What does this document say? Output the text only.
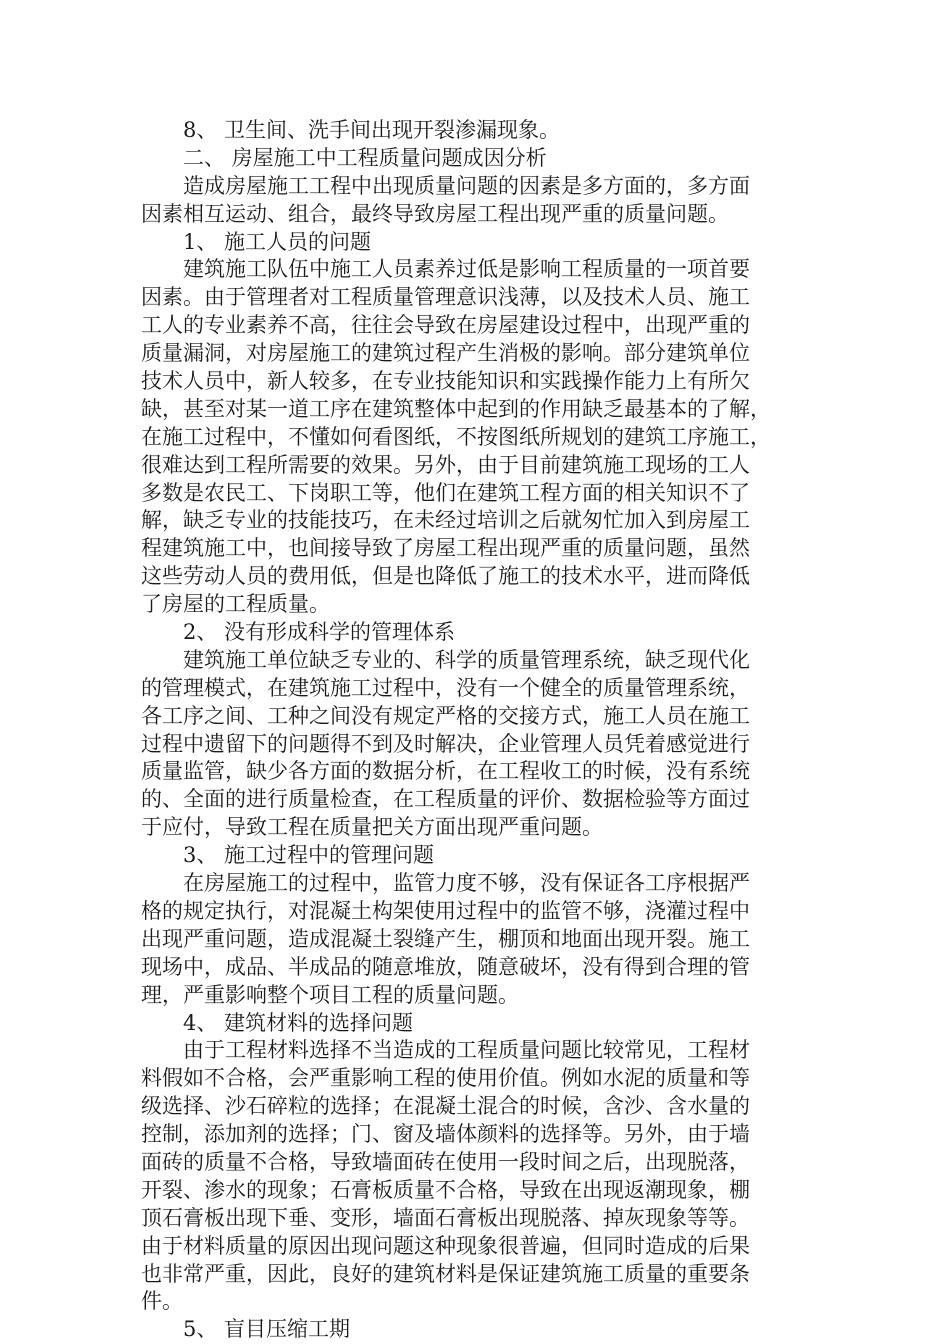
8、 卫生间、洗手间出现开裂渗漏现象。
二、 房屋施工中工程质量问题成因分析
造成房屋施工工程中出现质量问题的因素是多方面的，多方面
因素相互运动、组合，最终导致房屋工程出现严重的质量问题。
1、 施工人员的问题
建筑施工队伍中施工人员素养过低是影响工程质量的一项首要
因素。由于管理者对工程质量管理意识浅薄，以及技术人员、施工
工人的专业素养不高，往往会导致在房屋建设过程中，出现严重的
质量漏洞，对房屋施工的建筑过程产生消极的影响。部分建筑单位
技术人员中，新人较多，在专业技能知识和实践操作能力上有所欠
缺，甚至对某一道工序在建筑整体中起到的作用缺乏最基本的了解，
在施工过程中，不懂如何看图纸，不按图纸所规划的建筑工序施工，
很难达到工程所需要的效果。另外，由于目前建筑施工现场的工人
多数是农民工、下岗职工等，他们在建筑工程方面的相关知识不了
解，缺乏专业的技能技巧，在未经过培训之后就匆忙加入到房屋工
程建筑施工中，也间接导致了房屋工程出现严重的质量问题，虽然
这些劳动人员的费用低，但是也降低了施工的技术水平，进而降低
了房屋的工程质量。
2、 没有形成科学的管理体系
建筑施工单位缺乏专业的、科学的质量管理系统，缺乏现代化
的管理模式，在建筑施工过程中，没有一个健全的质量管理系统，
各工序之间、工种之间没有规定严格的交接方式，施工人员在施工
过程中遗留下的问题得不到及时解决，企业管理人员凭着感觉进行
质量监管，缺少各方面的数据分析，在工程收工的时候，没有系统
的、全面的进行质量检查，在工程质量的评价、数据检验等方面过
于应付，导致工程在质量把关方面出现严重问题。
3、 施工过程中的管理问题
在房屋施工的过程中，监管力度不够，没有保证各工序根据严
格的规定执行，对混凝土构架使用过程中的监管不够，浇灌过程中
出现严重问题，造成混凝土裂缝产生，棚顶和地面出现开裂。施工
现场中，成品、半成品的随意堆放，随意破坏，没有得到合理的管
理，严重影响整个项目工程的质量问题。
4、 建筑材料的选择问题
由于工程材料选择不当造成的工程质量问题比较常见，工程材
料假如不合格，会严重影响工程的使用价值。例如水泥的质量和等
级选择、沙石碎粒的选择；在混凝土混合的时候，含沙、含水量的
控制，添加剂的选择；门、窗及墙体颜料的选择等。另外，由于墙
面砖的质量不合格，导致墙面砖在使用一段时间之后，出现脱落，
开裂、渗水的现象；石膏板质量不合格，导致在出现返潮现象，棚
顶石膏板出现下垂、变形，墙面石膏板出现脱落、掉灰现象等等。
由于材料质量的原因出现问题这种现象很普遍，但同时造成的后果
也非常严重，因此，良好的建筑材料是保证建筑施工质量的重要条
件。
5、 盲目压缩工期
